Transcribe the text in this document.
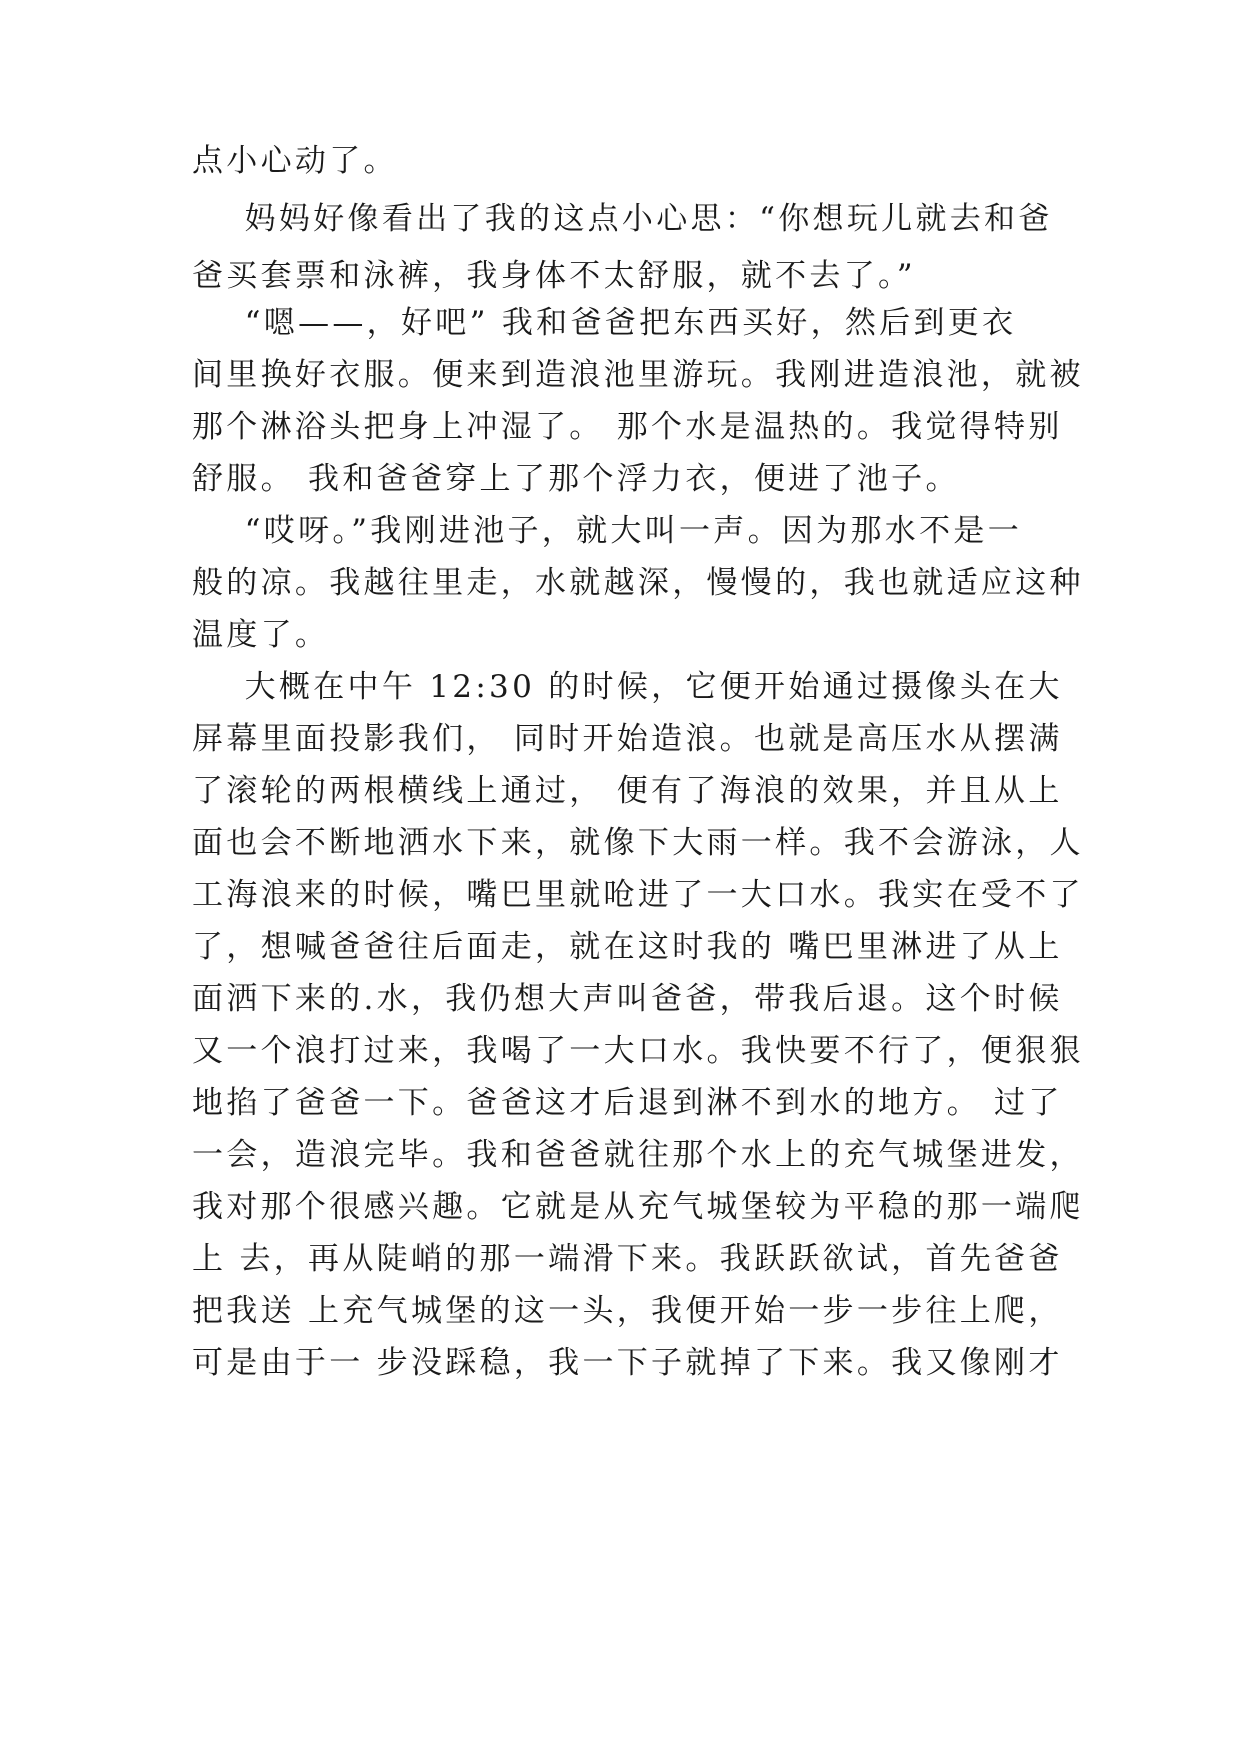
点小心动了。
妈妈好像看出了我的这点小心思：“你想玩儿就去和爸
爸买套票和泳裤，我身体不太舒服，就不去了。”
“嗯——，好吧” 我和爸爸把东西买好，然后到更衣
间里换好衣服。便来到造浪池里游玩。我刚进造浪池，就被
那个淋浴头把身上冲湿了。 那个水是温热的。我觉得特别
舒服。 我和爸爸穿上了那个浮力衣，便进了池子。
“哎呀。”我刚进池子，就大叫一声。因为那水不是一
般的凉。我越往里走，水就越深，慢慢的，我也就适应这种
温度了。
大概在中午 12:30 的时候，它便开始通过摄像头在大
屏幕里面投影我们， 同时开始造浪。也就是高压水从摆满
了滚轮的两根横线上通过， 便有了海浪的效果，并且从上
面也会不断地洒水下来，就像下大雨一样。我不会游泳，人
工海浪来的时候，嘴巴里就呛进了一大口水。我实在受不了
了，想喊爸爸往后面走，就在这时我的 嘴巴里淋进了从上
面洒下来的.水，我仍想大声叫爸爸，带我后退。这个时候
又一个浪打过来，我喝了一大口水。我快要不行了，便狠狠
地掐了爸爸一下。爸爸这才后退到淋不到水的地方。 过了
一会，造浪完毕。我和爸爸就往那个水上的充气城堡进发，
我对那个很感兴趣。它就是从充气城堡较为平稳的那一端爬
上 去，再从陡峭的那一端滑下来。我跃跃欲试，首先爸爸
把我送 上充气城堡的这一头，我便开始一步一步往上爬，
可是由于一 步没踩稳，我一下子就掉了下来。我又像刚才
